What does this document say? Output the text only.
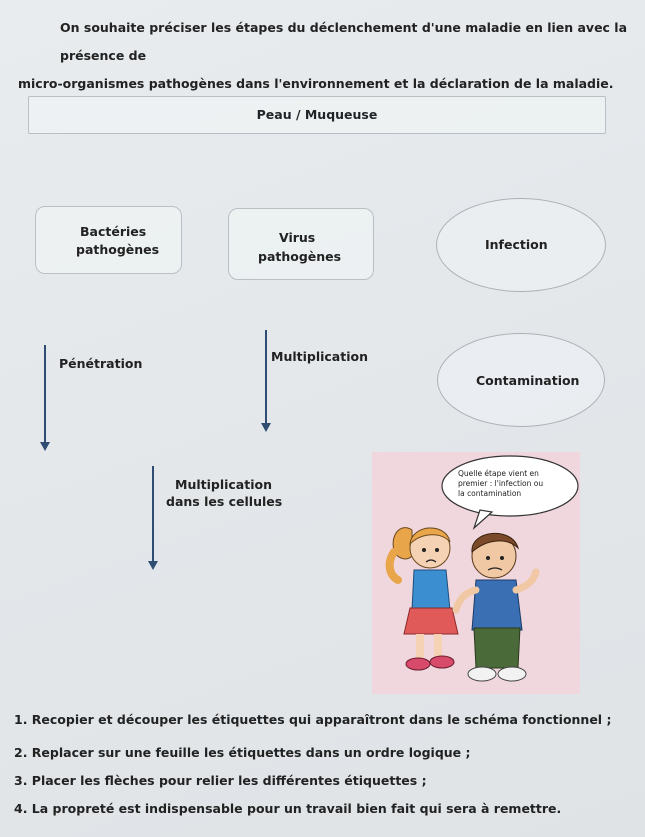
On souhaite préciser les étapes du déclenchement d'une maladie en lien avec la présence de

micro-organismes pathogènes dans l'environnement et la déclaration de la maladie.

Peau / Muqueuse
Bactéries
pathogènes
Virus
pathogènes
Infection
Pénétration	Multiplication
Contamination
Multiplication
dans les cellules
Quelle étape vient en
premier : l'infection ou
la contamination
1. Recopier et découper les étiquettes qui apparaîtront dans le schéma fonctionnel ;
2. Replacer sur une feuille les étiquettes dans un ordre logique ;
3. Placer les flèches pour relier les différentes étiquettes ;
4. La propreté est indispensable pour un travail bien fait qui sera à remettre.
